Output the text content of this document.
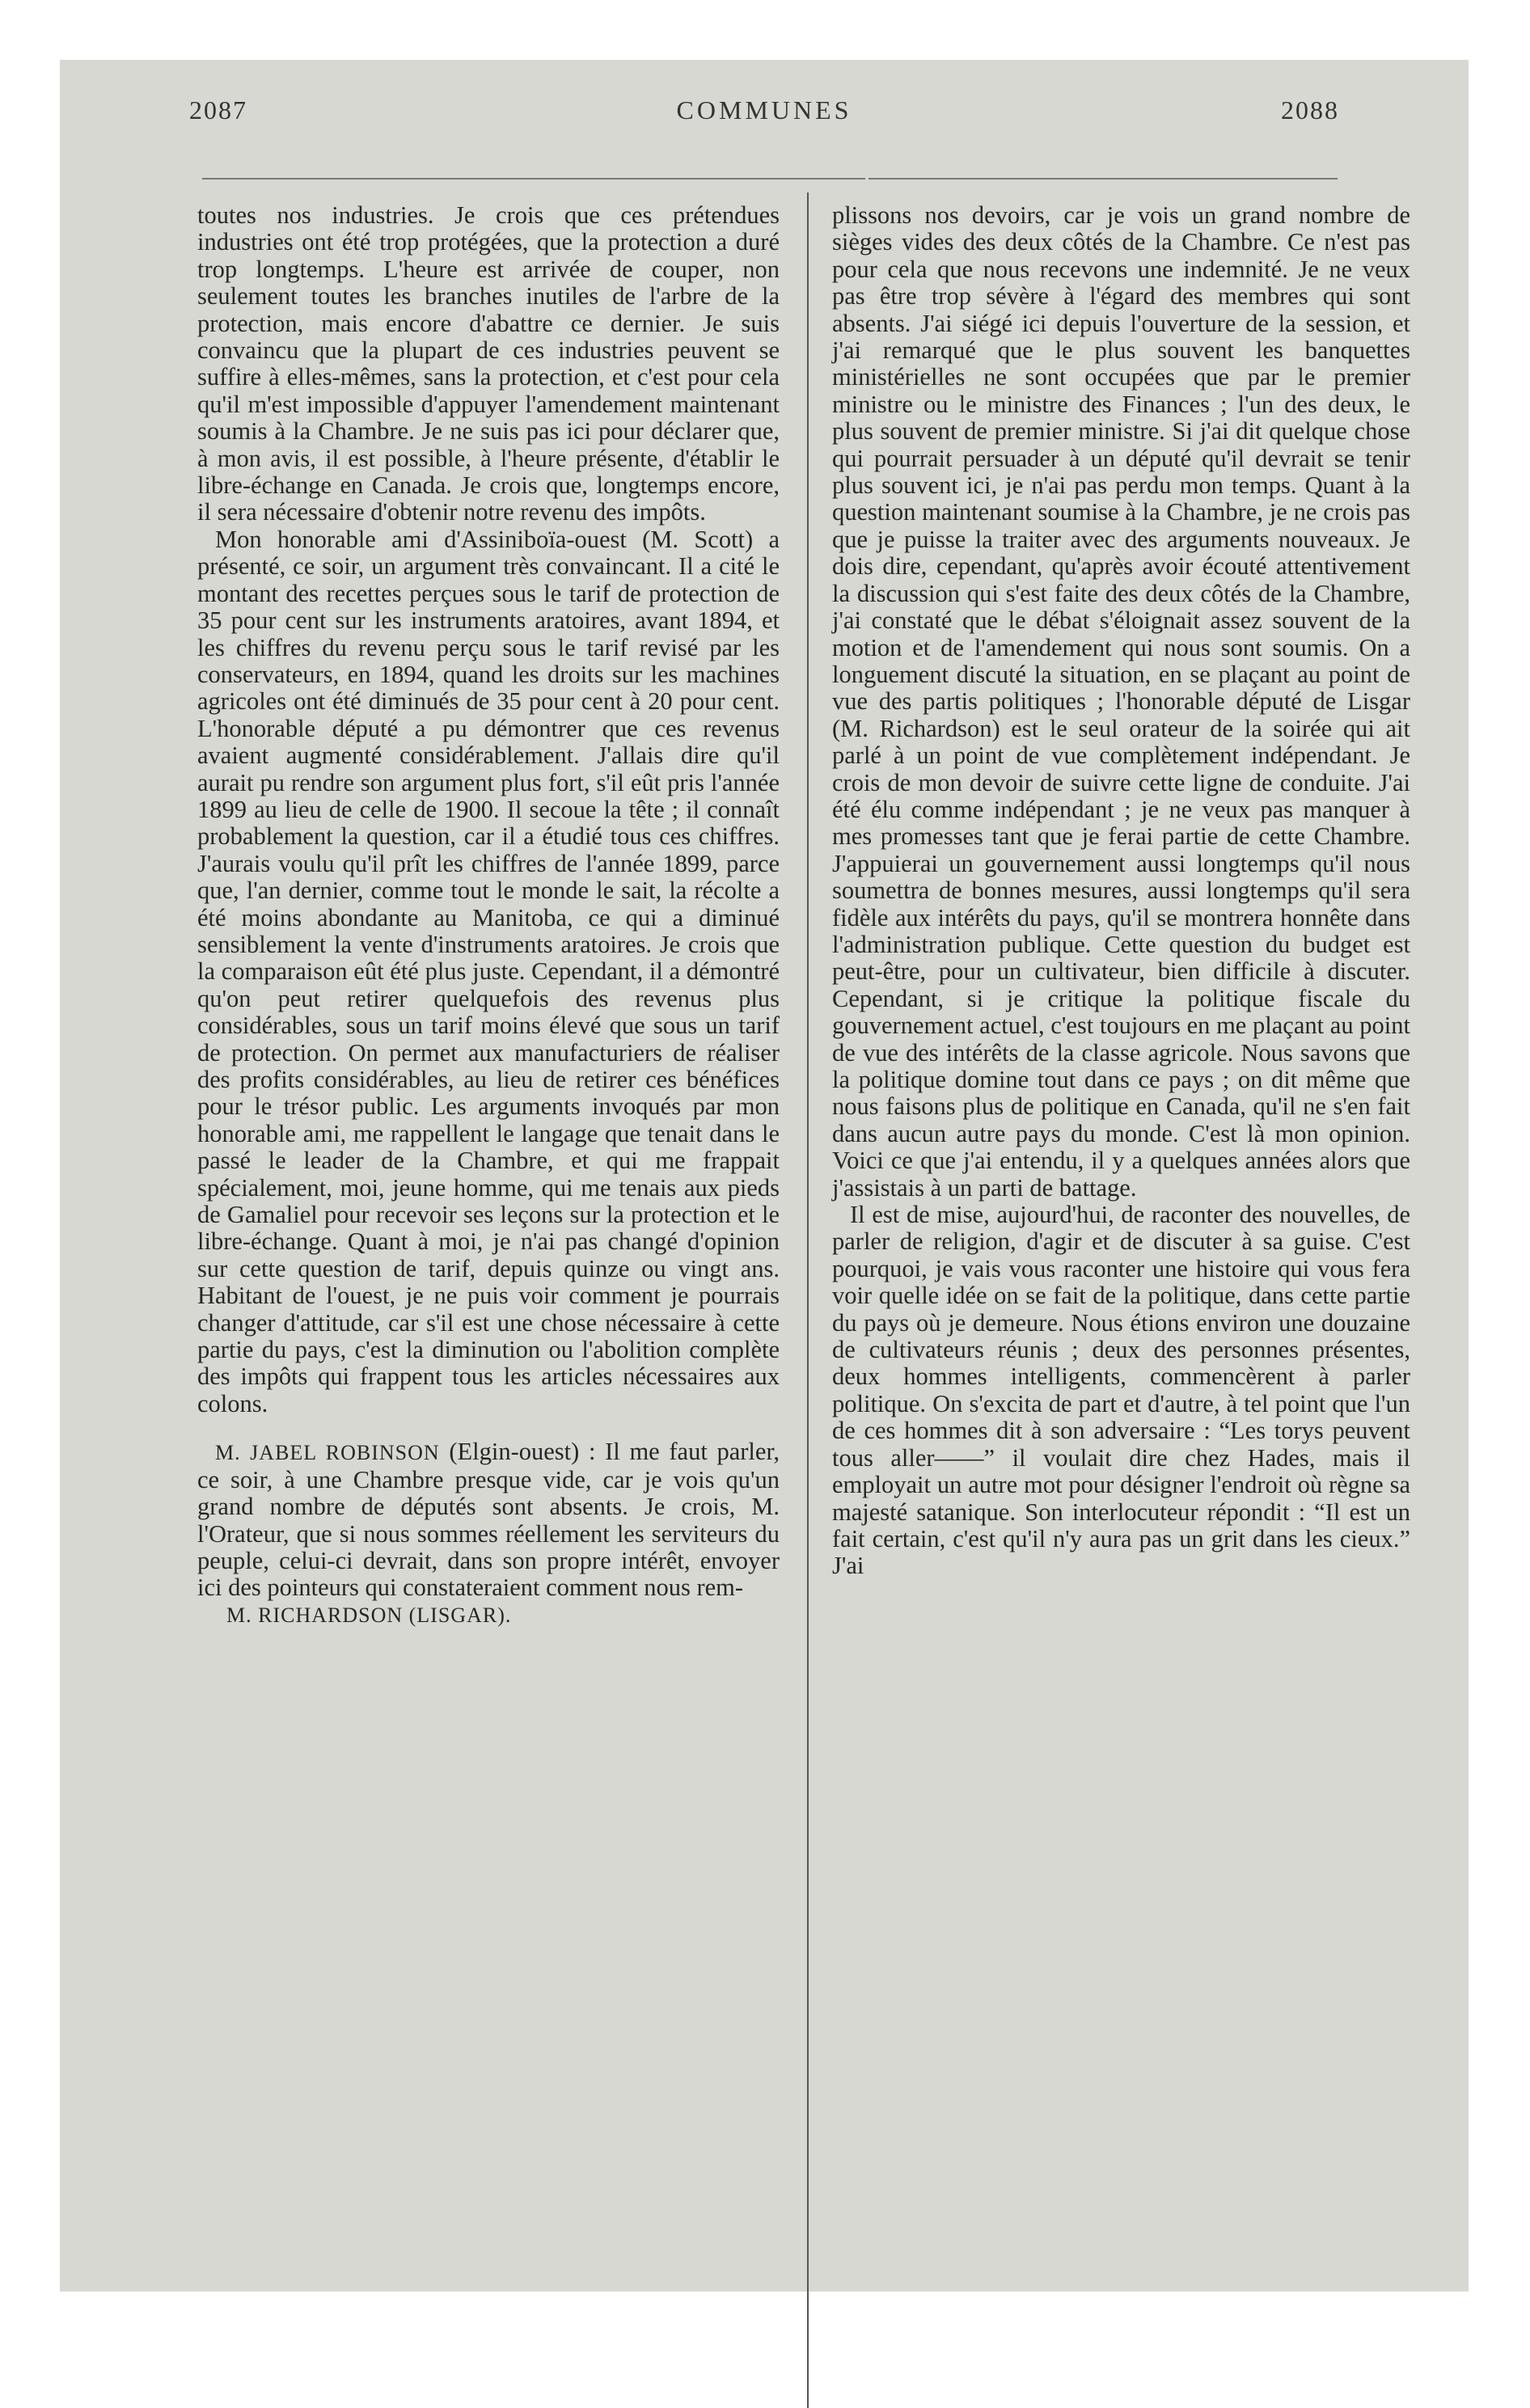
2087	COMMUNES	2088

toutes nos industries. Je crois que ces prétendues industries ont été trop protégées, que la protection a duré trop longtemps. L'heure est arrivée de couper, non seulement toutes les branches inutiles de l'arbre de la protection, mais encore d'abattre ce dernier. Je suis convaincu que la plupart de ces industries peuvent se suffire à elles-mêmes, sans la protection, et c'est pour cela qu'il m'est impossible d'appuyer l'amendement maintenant soumis à la Chambre. Je ne suis pas ici pour déclarer que, à mon avis, il est possible, à l'heure présente, d'établir le libre-échange en Canada. Je crois que, longtemps encore, il sera nécessaire d'obtenir notre revenu des impôts.

Mon honorable ami d'Assiniboïa-ouest (M. Scott) a présenté, ce soir, un argument très convaincant. Il a cité le montant des recettes perçues sous le tarif de protection de 35 pour cent sur les instruments aratoires, avant 1894, et les chiffres du revenu perçu sous le tarif revisé par les conservateurs, en 1894, quand les droits sur les machines agricoles ont été diminués de 35 pour cent à 20 pour cent. L'honorable député a pu démontrer que ces revenus avaient augmenté considérablement. J'allais dire qu'il aurait pu rendre son argument plus fort, s'il eût pris l'année 1899 au lieu de celle de 1900. Il secoue la tête ; il connaît probablement la question, car il a étudié tous ces chiffres. J'aurais voulu qu'il prît les chiffres de l'année 1899, parce que, l'an dernier, comme tout le monde le sait, la récolte a été moins abondante au Manitoba, ce qui a diminué sensiblement la vente d'instruments aratoires. Je crois que la comparaison eût été plus juste. Cependant, il a démontré qu'on peut retirer quelquefois des revenus plus considérables, sous un tarif moins élevé que sous un tarif de protection. On permet aux manufacturiers de réaliser des profits considérables, au lieu de retirer ces bénéfices pour le trésor public. Les arguments invoqués par mon honorable ami, me rappellent le langage que tenait dans le passé le leader de la Chambre, et qui me frappait spécialement, moi, jeune homme, qui me tenais aux pieds de Gamaliel pour recevoir ses leçons sur la protection et le libre-échange. Quant à moi, je n'ai pas changé d'opinion sur cette question de tarif, depuis quinze ou vingt ans. Habitant de l'ouest, je ne puis voir comment je pourrais changer d'attitude, car s'il est une chose nécessaire à cette partie du pays, c'est la diminution ou l'abolition complète des impôts qui frappent tous les articles nécessaires aux colons.

M. JABEL ROBINSON (Elgin-ouest) : Il me faut parler, ce soir, à une Chambre presque vide, car je vois qu'un grand nombre de députés sont absents. Je crois, M. l'Orateur, que si nous sommes réellement les serviteurs du peuple, celui-ci devrait, dans son propre intérêt, envoyer ici des pointeurs qui constateraient comment nous rem-

M. RICHARDSON (LISGAR).

plissons nos devoirs, car je vois un grand nombre de sièges vides des deux côtés de la Chambre. Ce n'est pas pour cela que nous recevons une indemnité. Je ne veux pas être trop sévère à l'égard des membres qui sont absents. J'ai siégé ici depuis l'ouverture de la session, et j'ai remarqué que le plus souvent les banquettes ministérielles ne sont occupées que par le premier ministre ou le ministre des Finances ; l'un des deux, le plus souvent de premier ministre. Si j'ai dit quelque chose qui pourrait persuader à un député qu'il devrait se tenir plus souvent ici, je n'ai pas perdu mon temps. Quant à la question maintenant soumise à la Chambre, je ne crois pas que je puisse la traiter avec des arguments nouveaux. Je dois dire, cependant, qu'après avoir écouté attentivement la discussion qui s'est faite des deux côtés de la Chambre, j'ai constaté que le débat s'éloignait assez souvent de la motion et de l'amendement qui nous sont soumis. On a longuement discuté la situation, en se plaçant au point de vue des partis politiques ; l'honorable député de Lisgar (M. Richardson) est le seul orateur de la soirée qui ait parlé à un point de vue complètement indépendant. Je crois de mon devoir de suivre cette ligne de conduite. J'ai été élu comme indépendant ; je ne veux pas manquer à mes promesses tant que je ferai partie de cette Chambre. J'appuierai un gouvernement aussi longtemps qu'il nous soumettra de bonnes mesures, aussi longtemps qu'il sera fidèle aux intérêts du pays, qu'il se montrera honnête dans l'administration publique. Cette question du budget est peut-être, pour un cultivateur, bien difficile à discuter. Cependant, si je critique la politique fiscale du gouvernement actuel, c'est toujours en me plaçant au point de vue des intérêts de la classe agricole. Nous savons que la politique domine tout dans ce pays ; on dit même que nous faisons plus de politique en Canada, qu'il ne s'en fait dans aucun autre pays du monde. C'est là mon opinion. Voici ce que j'ai entendu, il y a quelques années alors que j'assistais à un parti de battage.

Il est de mise, aujourd'hui, de raconter des nouvelles, de parler de religion, d'agir et de discuter à sa guise. C'est pourquoi, je vais vous raconter une histoire qui vous fera voir quelle idée on se fait de la politique, dans cette partie du pays où je demeure. Nous étions environ une douzaine de cultivateurs réunis ; deux des personnes présentes, deux hommes intelligents, commencèrent à parler politique. On s'excita de part et d'autre, à tel point que l'un de ces hommes dit à son adversaire : “Les torys peuvent tous aller——” il voulait dire chez Hades, mais il employait un autre mot pour désigner l'endroit où règne sa majesté satanique. Son interlocuteur répondit : “Il est un fait certain, c'est qu'il n'y aura pas un grit dans les cieux.” J'ai
